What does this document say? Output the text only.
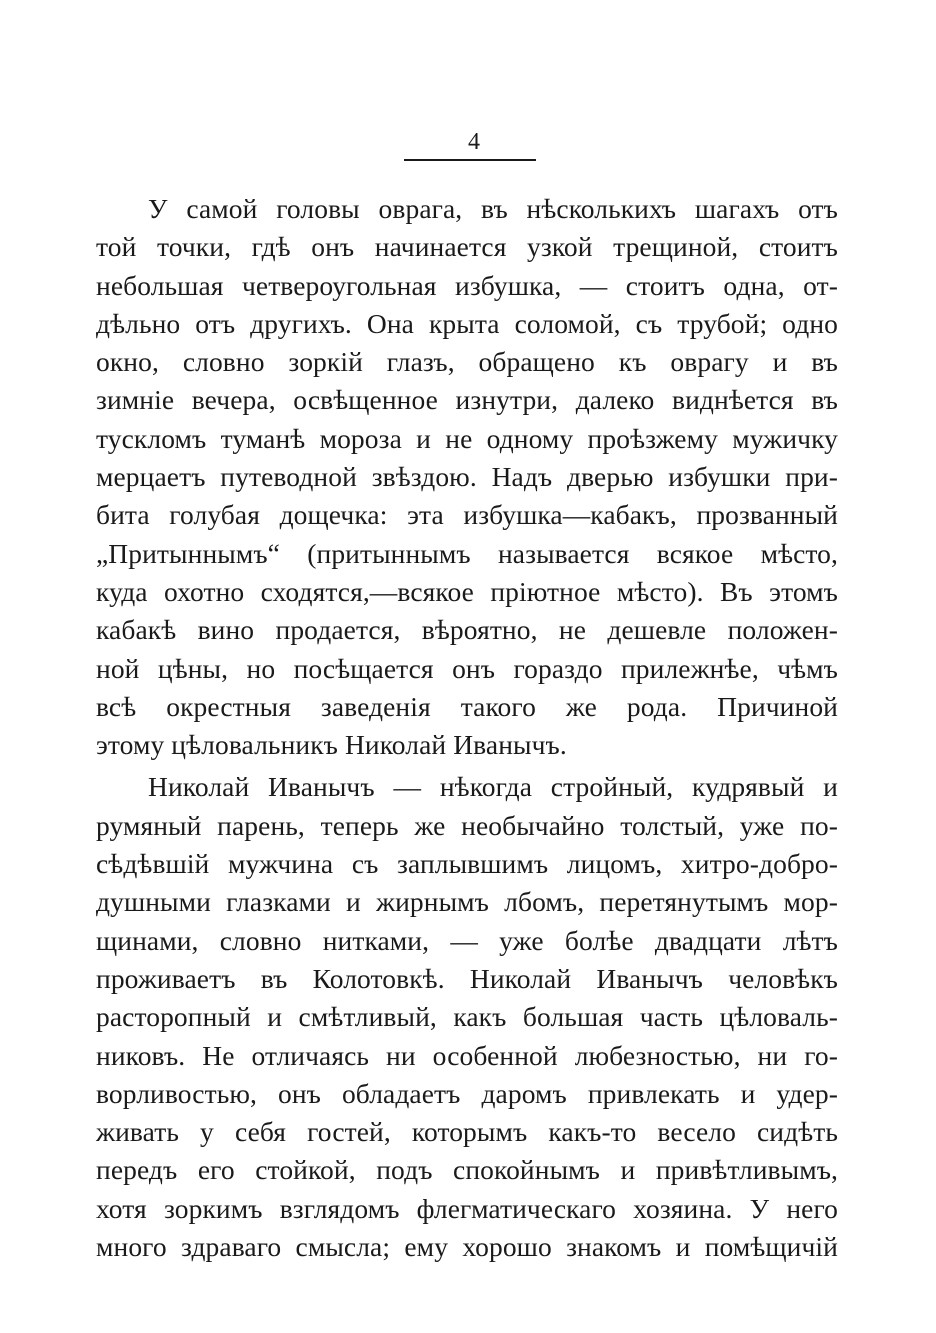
4
У самой головы оврага, въ нѣсколькихъ шагахъ отъ
той точки, гдѣ онъ начинается узкой трещиной, стоитъ
небольшая четвероугольная избушка, — стоитъ одна, от-
дѣльно отъ другихъ. Она крыта соломой, съ трубой; одно
окно, словно зоркій глазъ, обращено къ оврагу и въ
зимніе вечера, освѣщенное изнутри, далеко виднѣется въ
тускломъ туманѣ мороза и не одному проѣзжему мужичку
мерцаетъ путеводной звѣздою. Надъ дверью избушки при-
бита голубая дощечка: эта избушка—кабакъ, прозванный
„Притыннымъ“ (притыннымъ называется всякое мѣсто,
куда охотно сходятся,—всякое пріютное мѣсто). Въ этомъ
кабакѣ вино продается, вѣроятно, не дешевле положен-
ной цѣны, но посѣщается онъ гораздо прилежнѣе, чѣмъ
всѣ окрестныя заведенія такого же рода. Причиной
этому цѣловальникъ Николай Иванычъ.
Николай Иванычъ — нѣкогда стройный, кудрявый и
румяный парень, теперь же необычайно толстый, уже по-
сѣдѣвшій мужчина съ заплывшимъ лицомъ, хитро-добро-
душными глазками и жирнымъ лбомъ, перетянутымъ мор-
щинами, словно нитками, — уже болѣе двадцати лѣтъ
проживаетъ въ Колотовкѣ. Николай Иванычъ человѣкъ
расторопный и смѣтливый, какъ большая часть цѣловаль-
никовъ. Не отличаясь ни особенной любезностью, ни го-
ворливостью, онъ обладаетъ даромъ привлекать и удер-
живать у себя гостей, которымъ какъ-то весело сидѣть
передъ его стойкой, подъ спокойнымъ и привѣтливымъ,
хотя зоркимъ взглядомъ флегматическаго хозяина. У него
много здраваго смысла; ему хорошо знакомъ и помѣщичій
